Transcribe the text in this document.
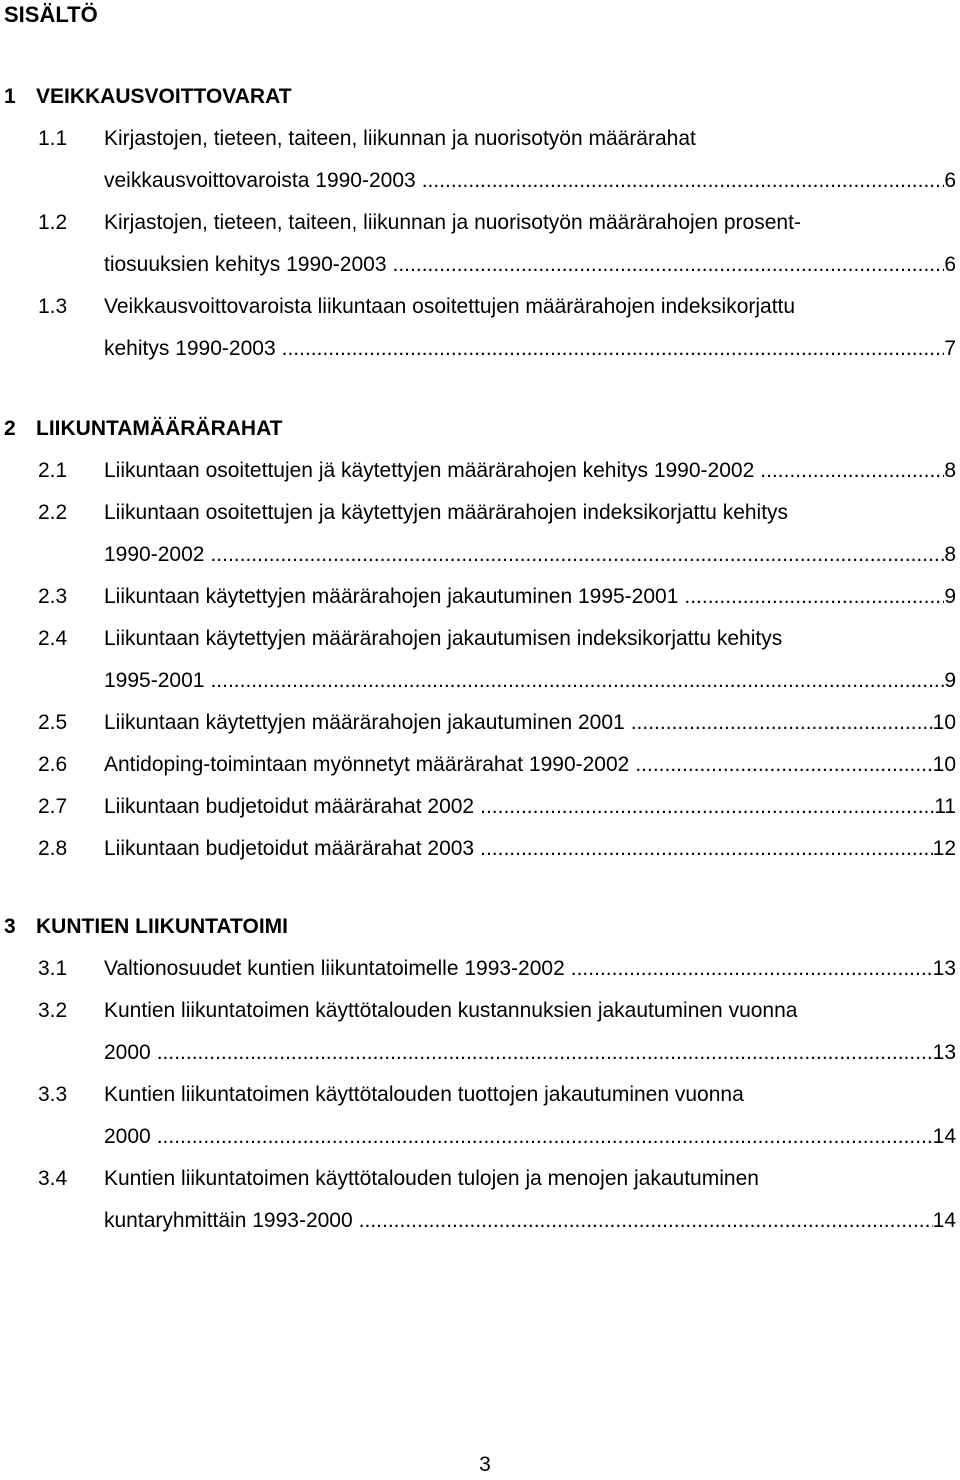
SISÄLTÖ
1 VEIKKAUSVOITTOVARAT
1.1 Kirjastojen, tieteen, taiteen, liikunnan ja nuorisotyön määrärahat
veikkausvoittovaroista 1990-2003 .....	6
1.2 Kirjastojen, tieteen, taiteen, liikunnan ja nuorisotyön määrärahojen prosent-
tiosuuksien kehitys 1990-2003 .....	6
1.3 Veikkausvoittovaroista liikuntaan osoitettujen määrärahojen indeksikorjattu
kehitys 1990-2003 .....	7
2 LIIKUNTAMÄÄRÄRAHAT
2.1 Liikuntaan osoitettujen jä käytettyjen määrärahojen kehitys 1990-2002 .....	8
2.2 Liikuntaan osoitettujen ja käytettyjen määrärahojen indeksikorjattu kehitys
1990-2002 .....	8
2.3 Liikuntaan käytettyjen määrärahojen jakautuminen 1995-2001 .....	9
2.4 Liikuntaan käytettyjen määrärahojen jakautumisen indeksikorjattu kehitys
1995-2001 .....	9
2.5 Liikuntaan käytettyjen määrärahojen jakautuminen 2001 .....	10
2.6 Antidoping-toimintaan myönnetyt määrärahat 1990-2002 .....	10
2.7 Liikuntaan budjetoidut määrärahat 2002 .....	11
2.8 Liikuntaan budjetoidut määrärahat 2003 .....	12
3 KUNTIEN LIIKUNTATOIMI
3.1 Valtionosuudet kuntien liikuntatoimelle 1993-2002 .....	13
3.2 Kuntien liikuntatoimen käyttötalouden kustannuksien jakautuminen vuonna
2000 .....	13
3.3 Kuntien liikuntatoimen käyttötalouden tuottojen jakautuminen vuonna
2000 .....	14
3.4 Kuntien liikuntatoimen käyttötalouden tulojen ja menojen jakautuminen
kuntaryhmittäin 1993-2000 .....	14
3
